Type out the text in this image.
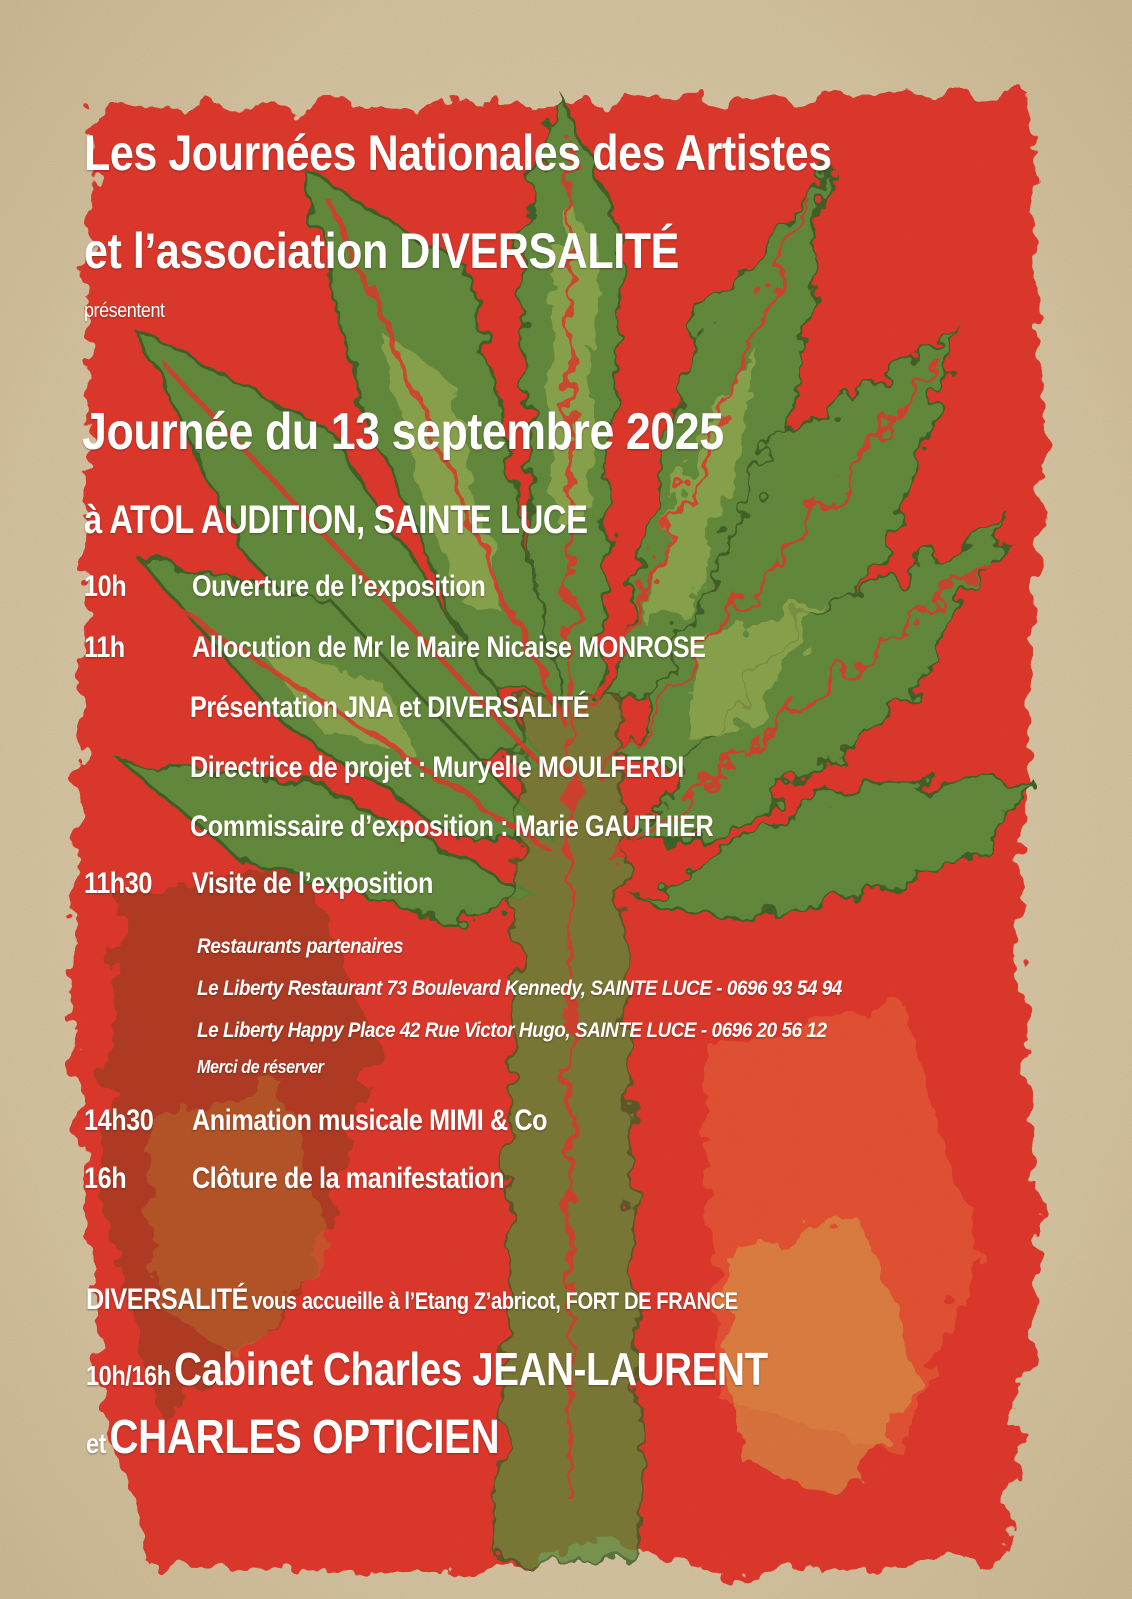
Les Journées Nationales des Artistes
et l’association DIVERSALITÉ
présentent
Journée du 13 septembre 2025
à ATOL AUDITION, SAINTE LUCE
10h Ouverture de l’exposition
11h Allocution de Mr le Maire Nicaise MONROSE
Présentation JNA et DIVERSALITÉ
Directrice de projet : Muryelle MOULFERDI
Commissaire d’exposition : Marie GAUTHIER
11h30 Visite de l’exposition
Restaurants partenaires
Le Liberty Restaurant 73 Boulevard Kennedy, SAINTE LUCE - 0696 93 54 94
Le Liberty Happy Place 42 Rue Victor Hugo, SAINTE LUCE - 0696 20 56 12
Merci de réserver
14h30 Animation musicale MIMI & Co
16h Clôture de la manifestation
DIVERSALITÉ vous accueille à l’Etang Z’abricot, FORT DE FRANCE
10h/16h Cabinet Charles JEAN-LAURENT
et CHARLES OPTICIEN
